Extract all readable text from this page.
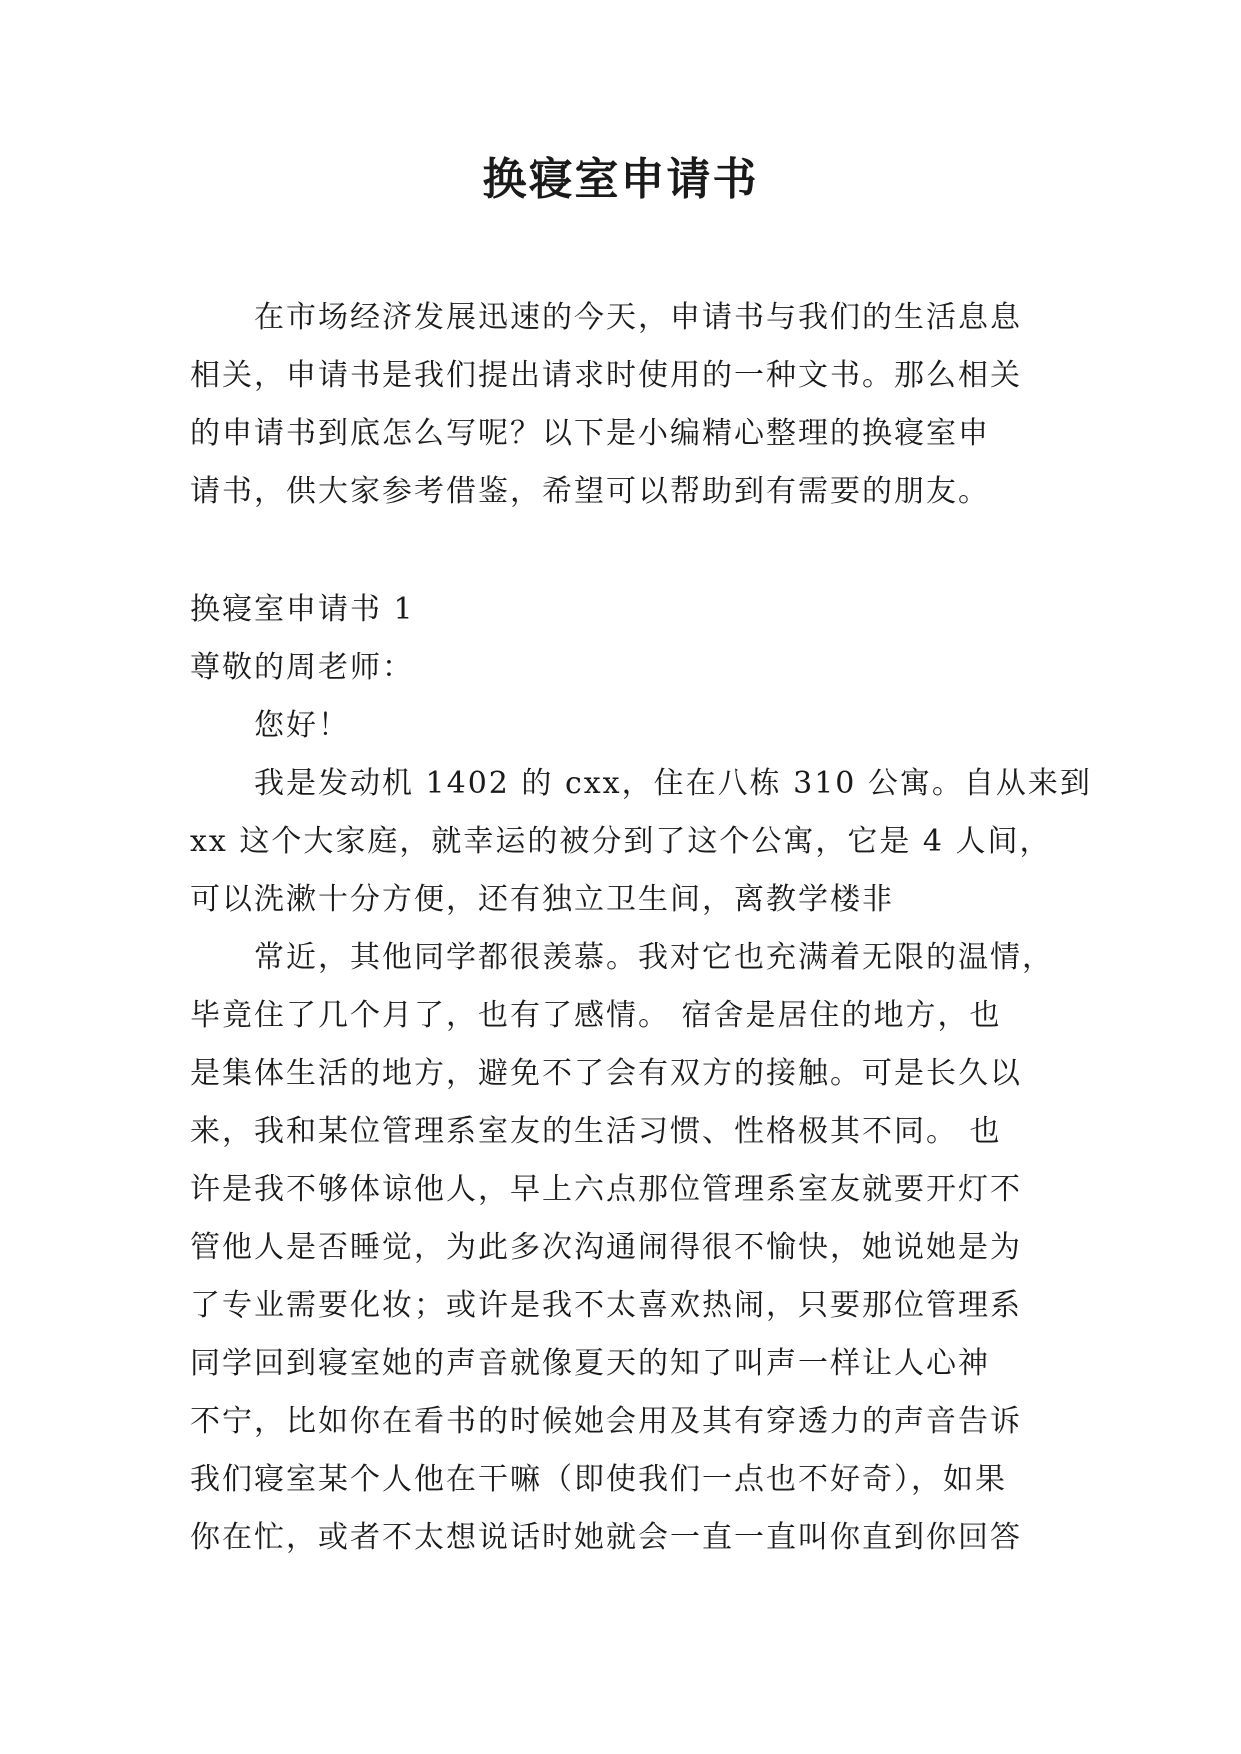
换寝室申请书
在市场经济发展迅速的今天，申请书与我们的生活息息
相关，申请书是我们提出请求时使用的一种文书。那么相关
的申请书到底怎么写呢？以下是小编精心整理的换寝室申
请书，供大家参考借鉴，希望可以帮助到有需要的朋友。
换寝室申请书 1
尊敬的周老师：
您好！
我是发动机 1402 的 cxx，住在八栋 310 公寓。自从来到
xx 这个大家庭，就幸运的被分到了这个公寓，它是 4 人间，
可以洗漱十分方便，还有独立卫生间，离教学楼非
常近，其他同学都很羡慕。我对它也充满着无限的温情，
毕竟住了几个月了，也有了感情。 宿舍是居住的地方，也
是集体生活的地方，避免不了会有双方的接触。可是长久以
来，我和某位管理系室友的生活习惯、性格极其不同。 也
许是我不够体谅他人，早上六点那位管理系室友就要开灯不
管他人是否睡觉，为此多次沟通闹得很不愉快，她说她是为
了专业需要化妆；或许是我不太喜欢热闹，只要那位管理系
同学回到寝室她的声音就像夏天的知了叫声一样让人心神
不宁，比如你在看书的时候她会用及其有穿透力的声音告诉
我们寝室某个人他在干嘛（即使我们一点也不好奇），如果
你在忙，或者不太想说话时她就会一直一直叫你直到你回答
